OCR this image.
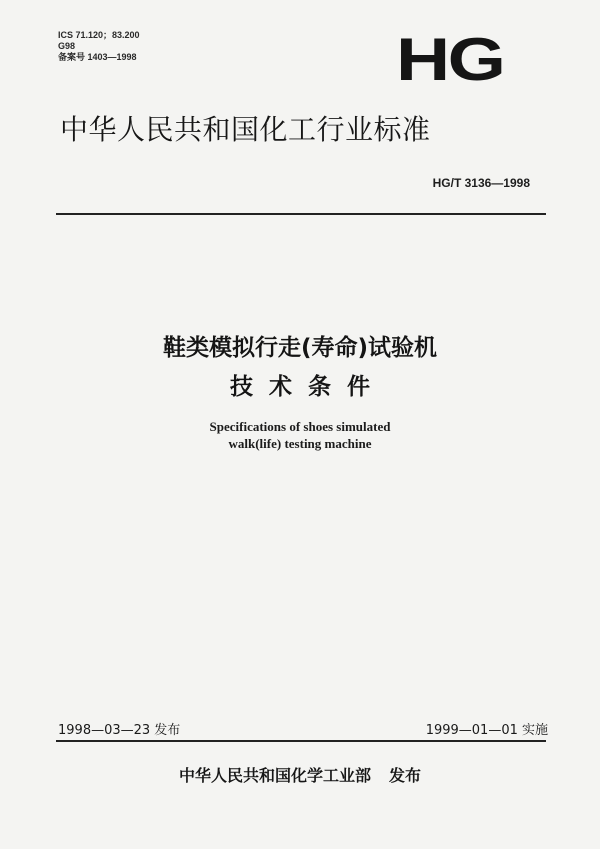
ICS 71.120；83.200
G98
备案号 1403—1998	HG
中华人民共和国化工行业标准
HG/T 3136—1998
鞋类模拟行走(寿命)试验机
技术条件
Specifications of shoes simulated
walk(life) testing machine
1998—03—23 发布	1999—01—01 实施
中华人民共和国化学工业部 发布
